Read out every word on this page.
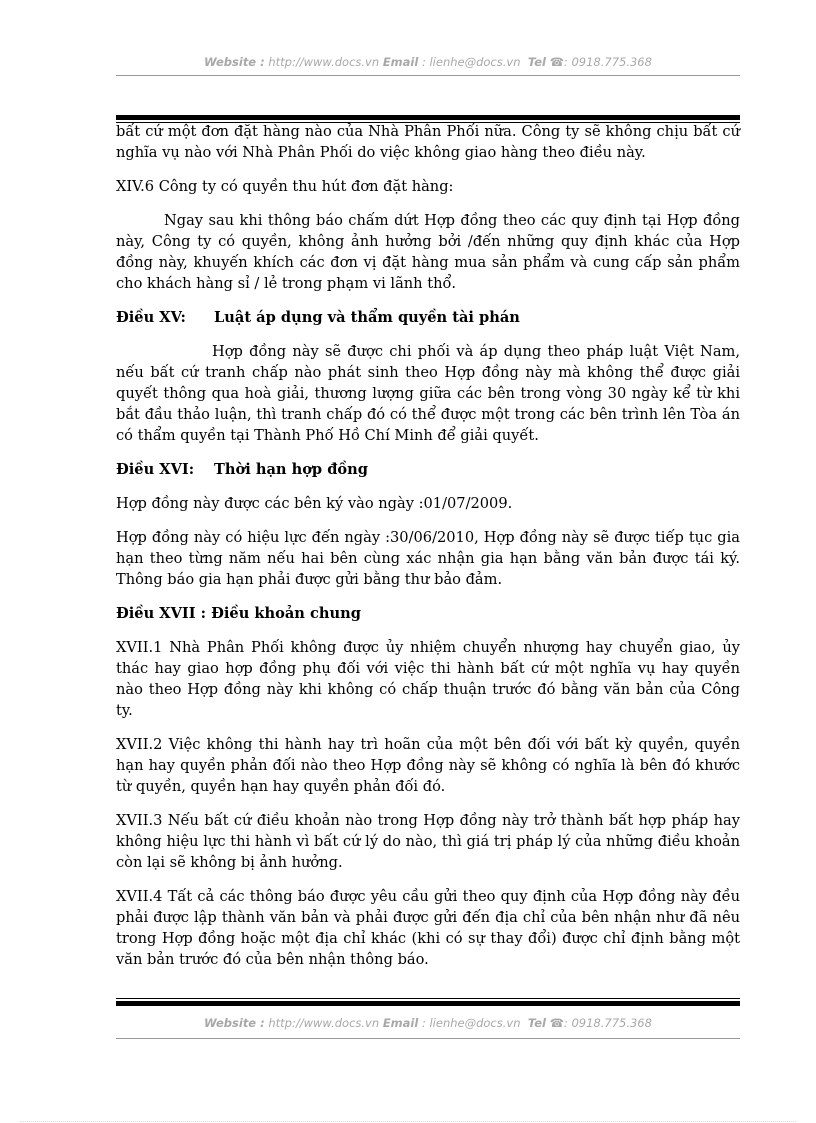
Website : http://www.docs.vn Email : lienhe@docs.vn Tel ☎: 0918.775.368

bất cứ một đơn đặt hàng nào của Nhà Phân Phối nữa. Công ty sẽ không chịu bất cứ nghĩa vụ nào với Nhà Phân Phối do việc không giao hàng theo điều này.

XIV.6 Công ty có quyền thu hút đơn đặt hàng:

Ngay sau khi thông báo chấm dứt Hợp đồng theo các quy định tại Hợp đồng này, Công ty có quyền, không ảnh hưởng bởi /đến những quy định khác của Hợp đồng này, khuyến khích các đơn vị đặt hàng mua sản phẩm và cung cấp sản phẩm cho khách hàng sỉ / lẻ trong phạm vi lãnh thổ.

Điều XV: Luật áp dụng và thẩm quyền tài phán

Hợp đồng này sẽ được chi phối và áp dụng theo pháp luật Việt Nam, nếu bất cứ tranh chấp nào phát sinh theo Hợp đồng này mà không thể được giải quyết thông qua hoà giải, thương lượng giữa các bên trong vòng 30 ngày kể từ khi bắt đầu thảo luận, thì tranh chấp đó có thể được một trong các bên trình lên Tòa án có thẩm quyền tại Thành Phố Hồ Chí Minh để giải quyết.

Điều XVI: Thời hạn hợp đồng

Hợp đồng này được các bên ký vào ngày :01/07/2009.

Hợp đồng này có hiệu lực đến ngày :30/06/2010, Hợp đồng này sẽ được tiếp tục gia hạn theo từng năm nếu hai bên cùng xác nhận gia hạn bằng văn bản được tái ký. Thông báo gia hạn phải được gửi bằng thư bảo đảm.

Điều XVII : Điều khoản chung

XVII.1 Nhà Phân Phối không được ủy nhiệm chuyển nhượng hay chuyển giao, ủy thác hay giao hợp đồng phụ đối với việc thi hành bất cứ một nghĩa vụ hay quyền nào theo Hợp đồng này khi không có chấp thuận trước đó bằng văn bản của Công ty.

XVII.2 Việc không thi hành hay trì hoãn của một bên đối với bất kỳ quyền, quyền hạn hay quyền phản đối nào theo Hợp đồng này sẽ không có nghĩa là bên đó khước từ quyền, quyền hạn hay quyền phản đối đó.

XVII.3 Nếu bất cứ điều khoản nào trong Hợp đồng này trở thành bất hợp pháp hay không hiệu lực thi hành vì bất cứ lý do nào, thì giá trị pháp lý của những điều khoản còn lại sẽ không bị ảnh hưởng.

XVII.4 Tất cả các thông báo được yêu cầu gửi theo quy định của Hợp đồng này đều phải được lập thành văn bản và phải được gửi đến địa chỉ của bên nhận như đã nêu trong Hợp đồng hoặc một địa chỉ khác (khi có sự thay đổi) được chỉ định bằng một văn bản trước đó của bên nhận thông báo.

Website : http://www.docs.vn Email : lienhe@docs.vn Tel ☎: 0918.775.368
